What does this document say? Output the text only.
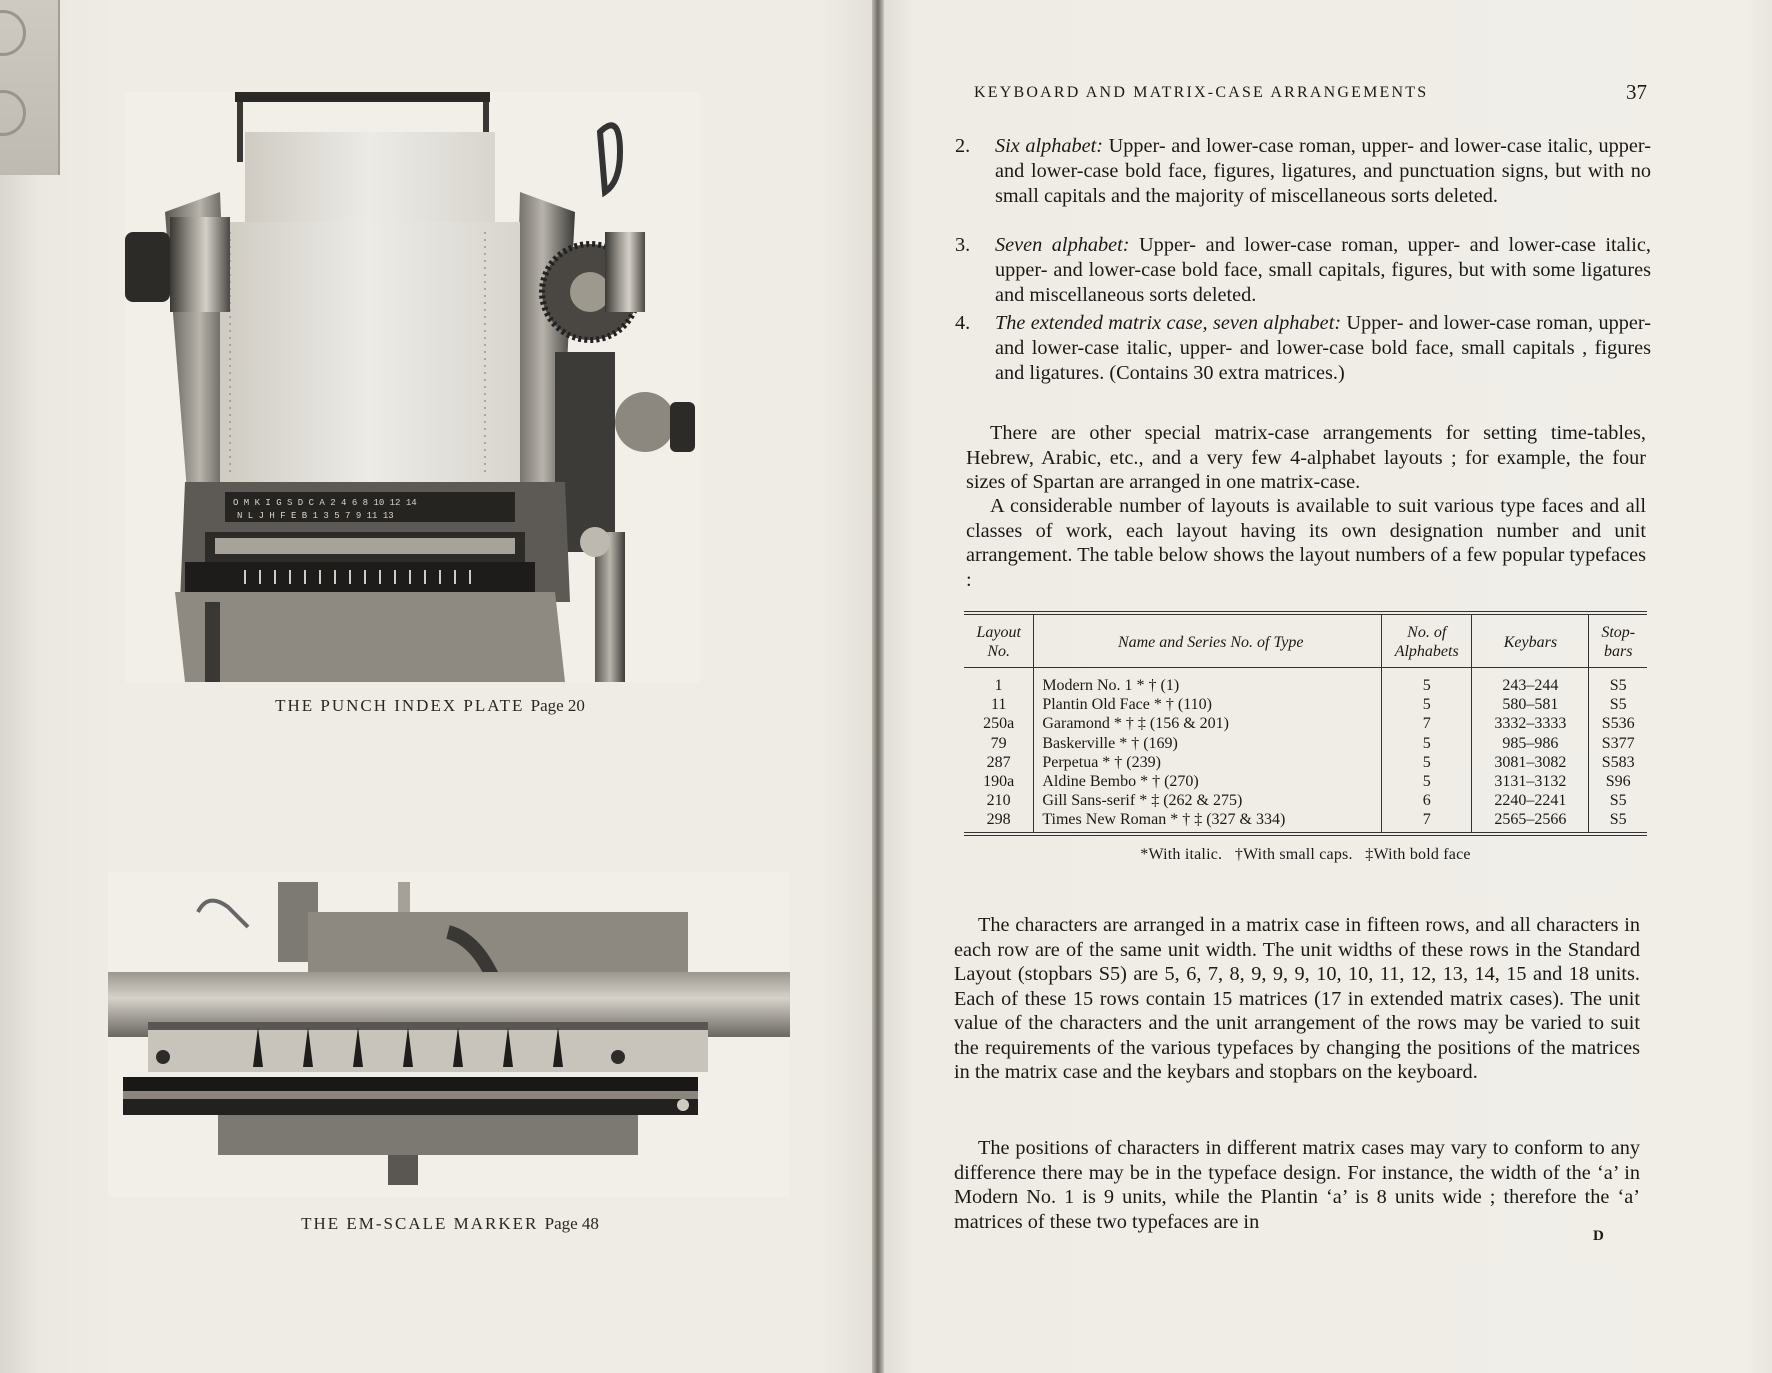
O M K I G S D C A 2 4 6 8 10 12 14
N L J H F E B 1 3 5 7 9 11 13
THE PUNCH INDEX PLATE Page 20
THE EM-SCALE MARKER Page 48
KEYBOARD AND MATRIX-CASE ARRANGEMENTS	37
2. Six alphabet: Upper- and lower-case roman, upper- and lower-case italic, upper- and lower-case bold face, figures, ligatures, and punctuation signs, but with no small capitals and the majority of miscellaneous sorts deleted.
3. Seven alphabet: Upper- and lower-case roman, upper- and lower-case italic, upper- and lower-case bold face, small capitals, figures, but with some ligatures and miscellaneous sorts deleted.
4. The extended matrix case, seven alphabet: Upper- and lower-case roman, upper- and lower-case italic, upper- and lower-case bold face, small capitals , figures and ligatures. (Contains 30 extra matrices.)
There are other special matrix-case arrangements for setting time-tables, Hebrew, Arabic, etc., and a very few 4-alphabet layouts ; for example, the four sizes of Spartan are arranged in one matrix-case.
A considerable number of layouts is available to suit various type faces and all classes of work, each layout having its own designation number and unit arrangement. The table below shows the layout numbers of a few popular typefaces :
Layout No.	Name and Series No. of Type	No. of Alphabets	Keybars	Stop-bars
1	Modern No. 1 * † (1)	5	243–244	S5
11	Plantin Old Face * † (110)	5	580–581	S5
250a	Garamond * † ‡ (156 & 201)	7	3332–3333	S536
79	Baskerville * † (169)	5	985–986	S377
287	Perpetua * † (239)	5	3081–3082	S583
190a	Aldine Bembo * † (270)	5	3131–3132	S96
210	Gill Sans-serif * ‡ (262 & 275)	6	2240–2241	S5
298	Times New Roman * † ‡ (327 & 334)	7	2565–2566	S5
*With italic.   †With small caps.   ‡With bold face
The characters are arranged in a matrix case in fifteen rows, and all characters in each row are of the same unit width. The unit widths of these rows in the Standard Layout (stopbars S5) are 5, 6, 7, 8, 9, 9, 9, 10, 10, 11, 12, 13, 14, 15 and 18 units. Each of these 15 rows contain 15 matrices (17 in extended matrix cases). The unit value of the characters and the unit arrangement of the rows may be varied to suit the requirements of the various typefaces by changing the positions of the matrices in the matrix case and the keybars and stopbars on the keyboard.
The positions of characters in different matrix cases may vary to conform to any difference there may be in the typeface design. For instance, the width of the ‘a’ in Modern No. 1 is 9 units, while the Plantin ‘a’ is 8 units wide ; therefore the ‘a’ matrices of these two typefaces are in
D
